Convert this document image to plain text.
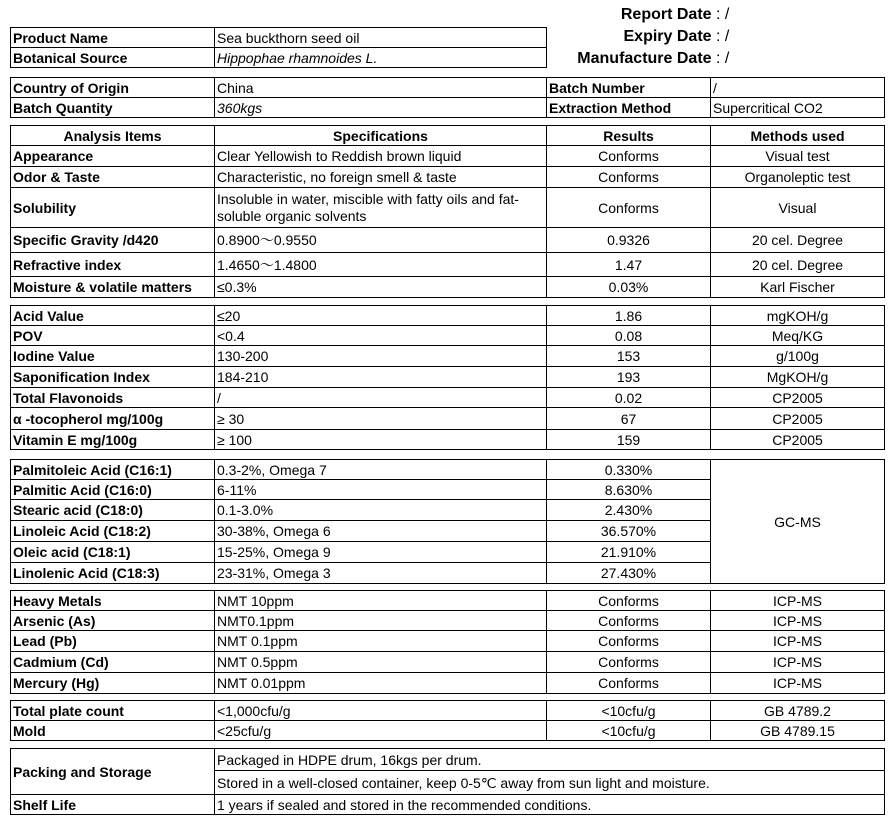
Report Date : /
Expiry Date : /
Manufacture Date : /
Product Name	Sea buckthorn seed oil
Botanical Source	Hippophae rhamnoides L.
Country of Origin	China	Batch Number	/
Batch Quantity	360kgs	Extraction Method	Supercritical CO2
Analysis Items	Specifications	Results	Methods used
Appearance	Clear Yellowish to Reddish brown liquid	Conforms	Visual test
Odor & Taste	Characteristic, no foreign smell & taste	Conforms	Organoleptic test
Solubility	Insoluble in water, miscible with fatty oils and fat-soluble organic solvents	Conforms	Visual
Specific Gravity /d420	0.8900～0.9550	0.9326	20 cel. Degree
Refractive index	1.4650～1.4800	1.47	20 cel. Degree
Moisture & volatile matters	≤0.3%	0.03%	Karl Fischer
Acid Value	≤20	1.86	mgKOH/g
POV	<0.4	0.08	Meq/KG
Iodine Value	130-200	153	g/100g
Saponification Index	184-210	193	MgKOH/g
Total Flavonoids	/	0.02	CP2005
α -tocopherol mg/100g	≥ 30	67	CP2005
Vitamin E mg/100g	≥ 100	159	CP2005
Palmitoleic Acid (C16:1)	0.3-2%, Omega 7	0.330%	GC-MS
Palmitic Acid (C16:0)	6-11%	8.630%	
Stearic acid (C18:0)	0.1-3.0%	2.430%	
Linoleic Acid (C18:2)	30-38%, Omega 6	36.570%	
Oleic acid (C18:1)	15-25%, Omega 9	21.910%	
Linolenic Acid (C18:3)	23-31%, Omega 3	27.430%	
Heavy Metals	NMT 10ppm	Conforms	ICP-MS
Arsenic (As)	NMT0.1ppm	Conforms	ICP-MS
Lead (Pb)	NMT 0.1ppm	Conforms	ICP-MS
Cadmium (Cd)	NMT 0.5ppm	Conforms	ICP-MS
Mercury (Hg)	NMT 0.01ppm	Conforms	ICP-MS
Total plate count	<1,000cfu/g	<10cfu/g	GB 4789.2
Mold	<25cfu/g	<10cfu/g	GB 4789.15
Packing and Storage	Packaged in HDPE drum, 16kgs per drum.
	Stored in a well-closed container, keep 0-5℃ away from sun light and moisture.
Shelf Life	1 years if sealed and stored in the recommended conditions.
